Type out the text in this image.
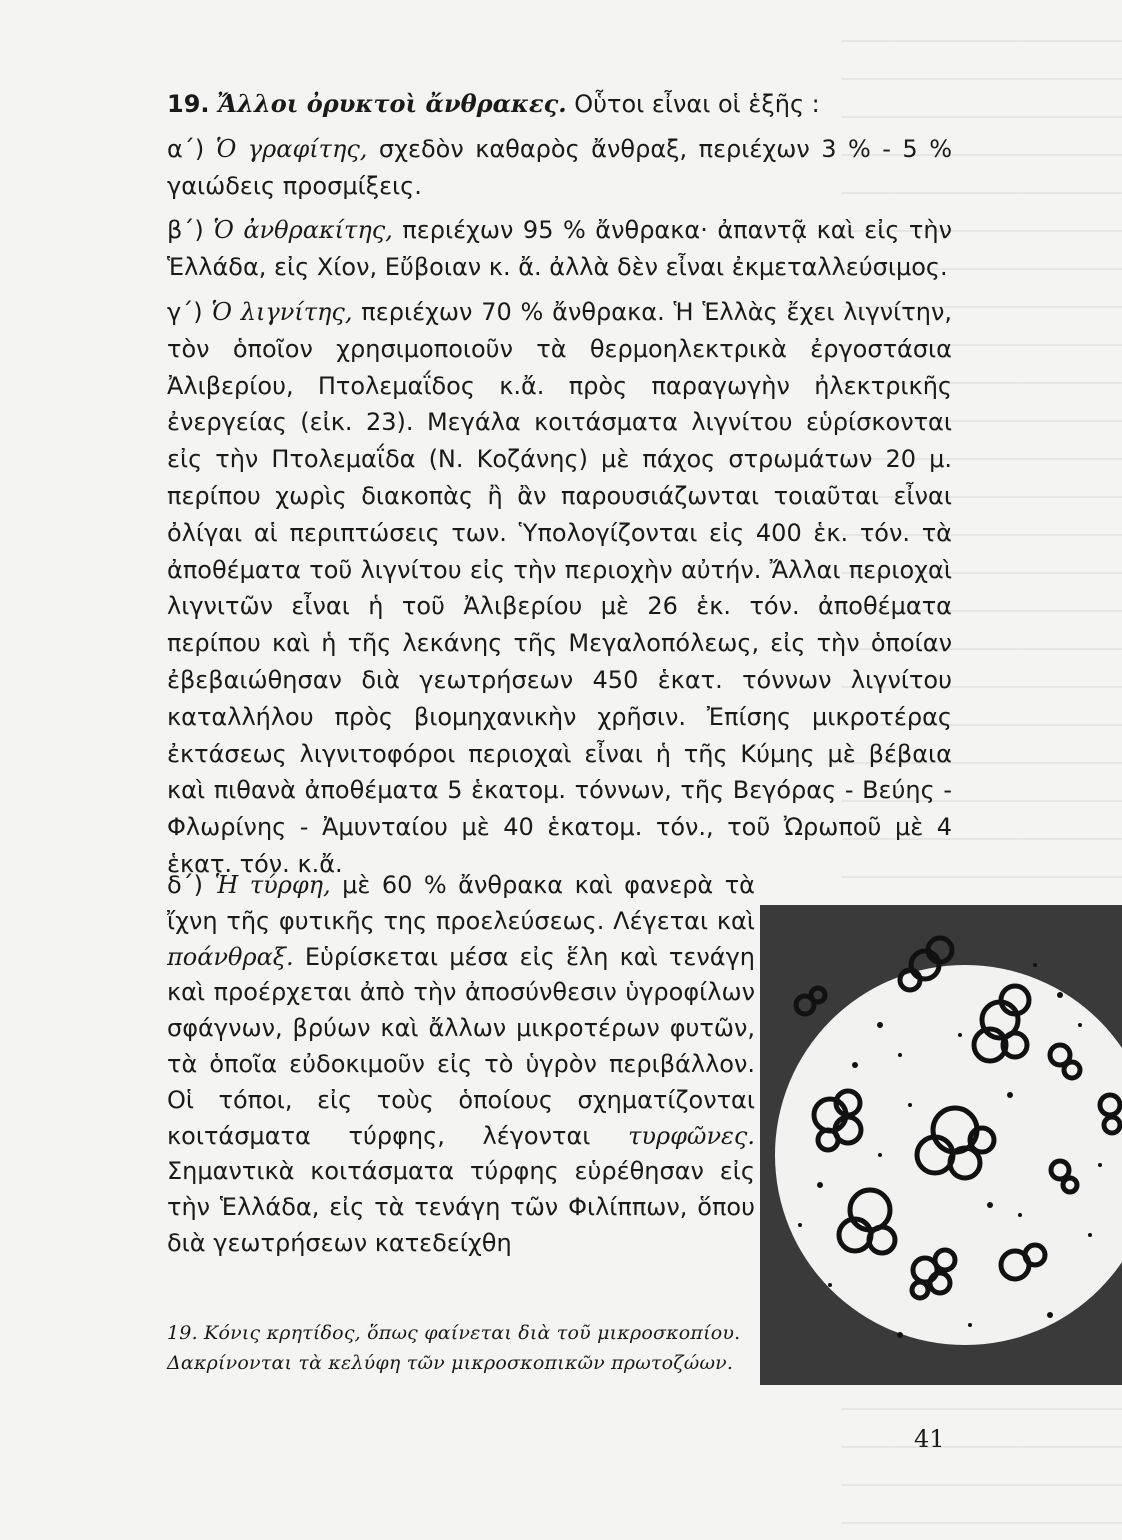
19. Ἄλλοι ὀρυκτοὶ ἄνθρακες. Οὗτοι εἶναι οἱ ἑξῆς :

α΄) Ὁ γραφίτης, σχεδὸν καθαρὸς ἄνθραξ, περιέχων 3 % - 5 % γαιώδεις προσμίξεις.

β΄) Ὁ ἀνθρακίτης, περιέχων 95 % ἄνθρακα· ἀπαντᾷ καὶ εἰς τὴν Ἑλλάδα, εἰς Χίον, Εὔβοιαν κ. ἄ. ἀλλὰ δὲν εἶναι ἐκμεταλλεύσιμος.

γ΄) Ὁ λιγνίτης, περιέχων 70 % ἄνθρακα. Ἡ Ἑλλὰς ἔχει λιγνίτην, τὸν ὁποῖον χρησιμοποιοῦν τὰ θερμοηλεκτρικὰ ἐργοστάσια Ἀλιβερίου, Πτολεμαΐδος κ.ἄ. πρὸς παραγωγὴν ἠλεκτρικῆς ἐνεργείας (εἰκ. 23). Μεγάλα κοιτάσματα λιγνίτου εὑρίσκονται εἰς τὴν Πτολεμαΐδα (Ν. Κοζάνης) μὲ πάχος στρωμάτων 20 μ. περίπου χωρὶς διακοπὰς ἢ ἂν παρουσιάζωνται τοιαῦται εἶναι ὀλίγαι αἱ περιπτώσεις των. Ὑπολογίζονται εἰς 400 ἑκ. τόν. τὰ ἀποθέματα τοῦ λιγνίτου εἰς τὴν περιοχὴν αὐτήν. Ἄλλαι περιοχαὶ λιγνιτῶν εἶναι ἡ τοῦ Ἀλιβερίου μὲ 26 ἑκ. τόν. ἀποθέματα περίπου καὶ ἡ τῆς λεκάνης τῆς Μεγαλοπόλεως, εἰς τὴν ὁποίαν ἐβεβαιώθησαν διὰ γεωτρήσεων 450 ἑκατ. τόννων λιγνίτου καταλλήλου πρὸς βιομηχανικὴν χρῆσιν. Ἐπίσης μικροτέρας ἐκτάσεως λιγνιτοφόροι περιοχαὶ εἶναι ἡ τῆς Κύμης μὲ βέβαια καὶ πιθανὰ ἀποθέματα 5 ἑκατομ. τόννων, τῆς Βεγόρας - Βεύης - Φλωρίνης - Ἀμυνταίου μὲ 40 ἑκατομ. τόν., τοῦ Ὠρωποῦ μὲ 4 ἑκατ. τόν. κ.ἄ.

δ΄) Ἡ τύρφη, μὲ 60 % ἄνθρακα καὶ φανερὰ τὰ ἴχνη τῆς φυτικῆς της προελεύσεως. Λέγεται καὶ ποάνθραξ. Εὑρίσκεται μέσα εἰς ἕλη καὶ τενάγη καὶ προέρχεται ἀπὸ τὴν ἀποσύνθεσιν ὑγροφίλων σφάγνων, βρύων καὶ ἄλλων μικροτέρων φυτῶν, τὰ ὁποῖα εὐδοκιμοῦν εἰς τὸ ὑγρὸν περιβάλλον. Οἱ τόποι, εἰς τοὺς ὁποίους σχηματίζονται κοιτάσματα τύρφης, λέγονται τυρφῶνες. Σημαντικὰ κοιτάσματα τύρφης εὑρέθησαν εἰς τὴν Ἑλλάδα, εἰς τὰ τενάγη τῶν Φιλίππων, ὅπου διὰ γεωτρήσεων κατεδείχθη
19. Κόνις κρητίδος, ὅπως φαίνεται διὰ τοῦ μικροσκοπίου.
Δακρίνονται τὰ κελύφη τῶν μικροσκοπικῶν πρωτοζώων.
41
